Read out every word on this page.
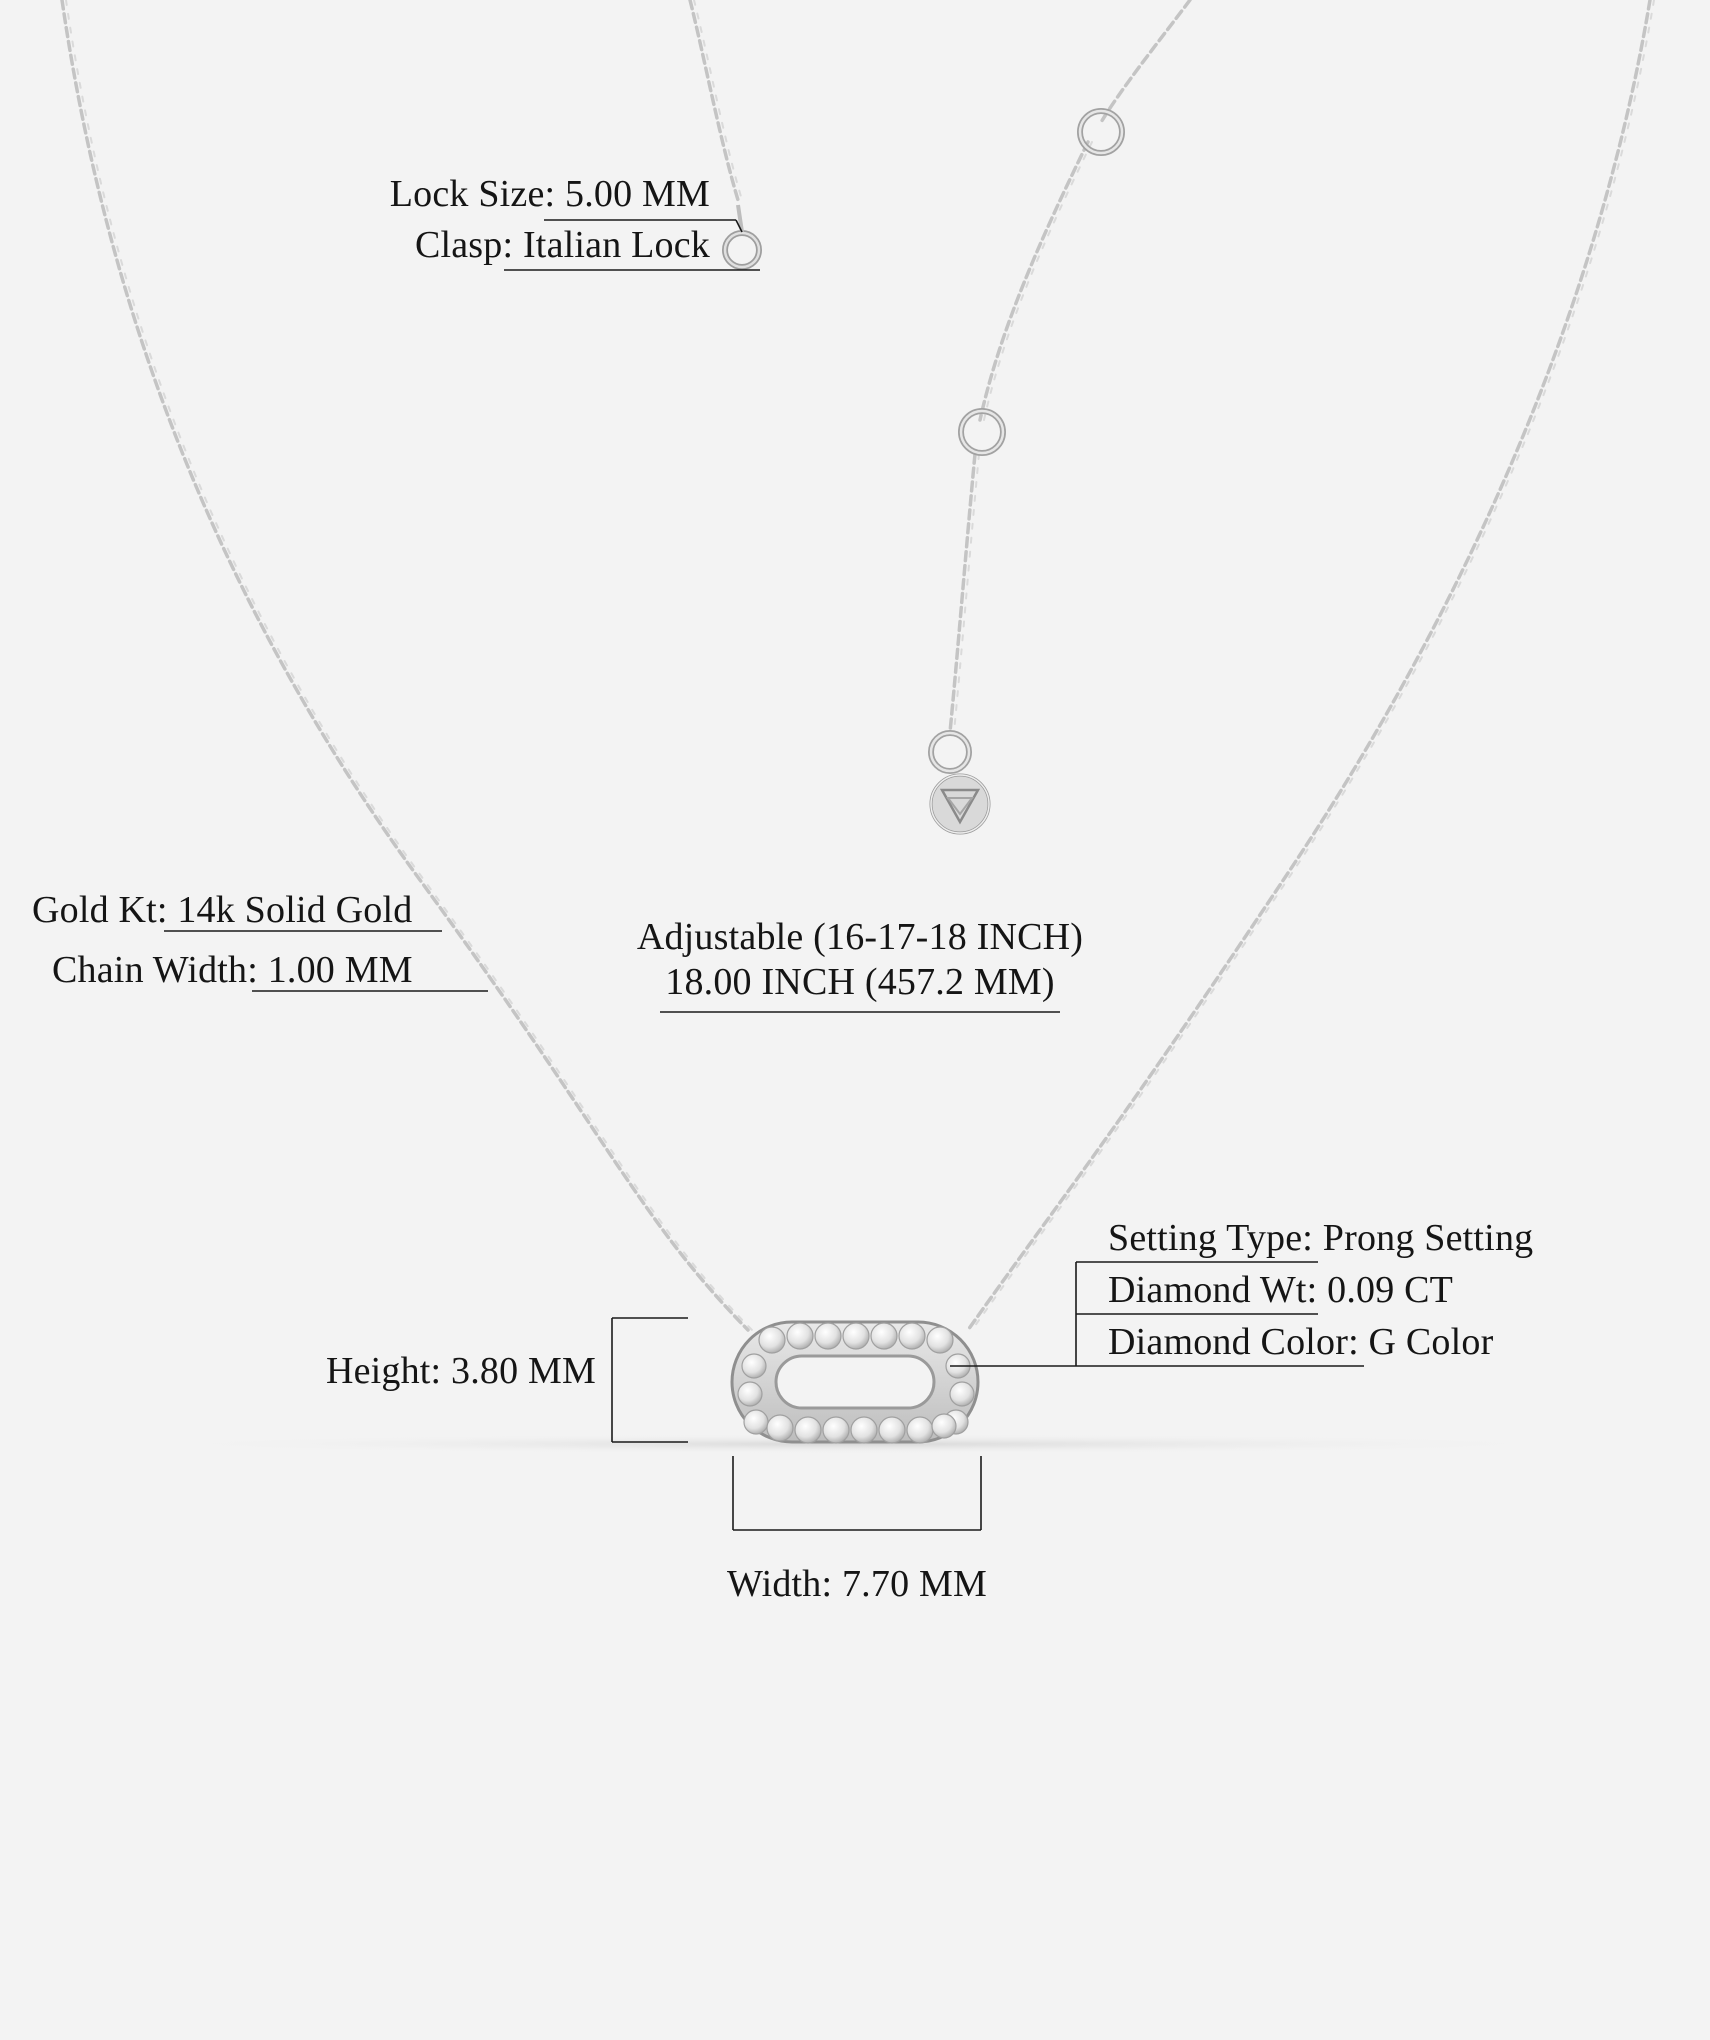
Lock Size: 5.00 MM
Clasp: Italian Lock
Gold Kt: 14k Solid Gold
Chain Width: 1.00 MM
Adjustable (16-17-18 INCH)
18.00 INCH (457.2 MM)
Setting Type: Prong Setting
Diamond Wt: 0.09 CT
Diamond Color: G Color
Height: 3.80 MM
Width: 7.70 MM
